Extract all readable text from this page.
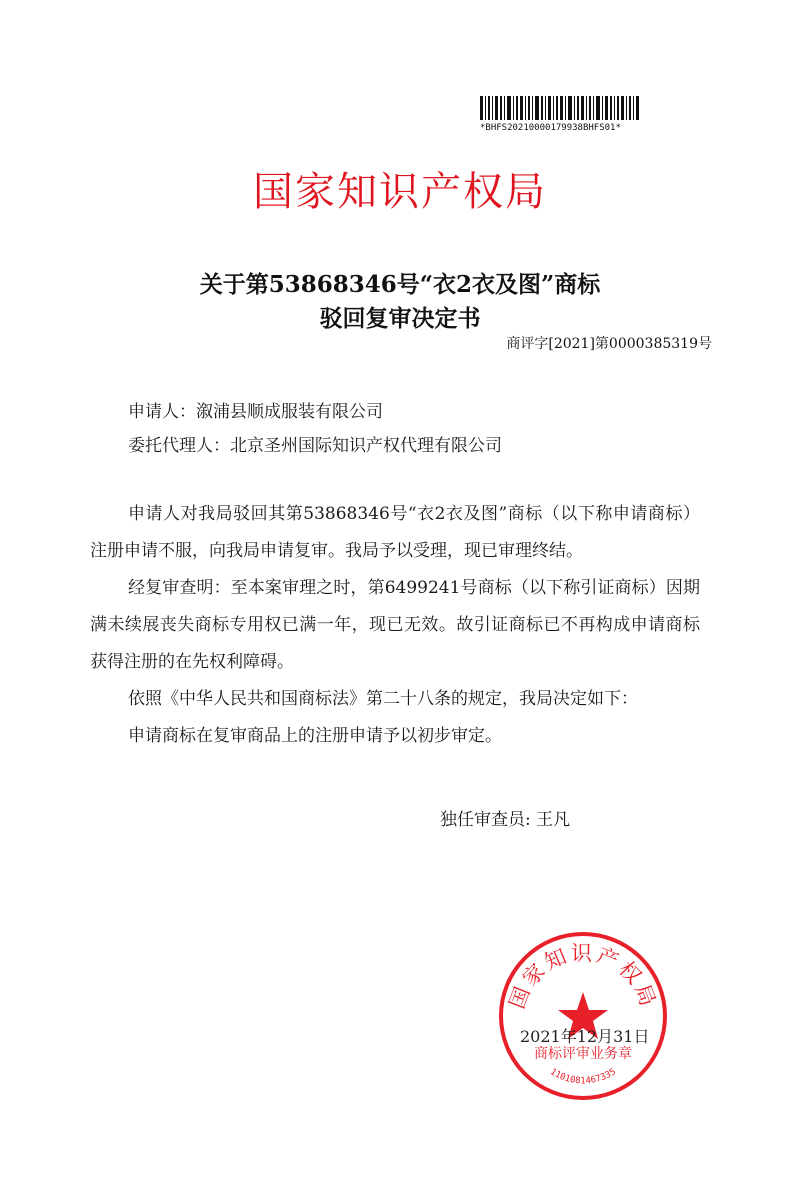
*BHFS20210000179938BHFS01*
国家知识产权局
关于第53868346号“衣2衣及图”商标
驳回复审决定书
商评字[2021]第0000385319号
申请人：溆浦县顺成服装有限公司
委托代理人：北京圣州国际知识产权代理有限公司
申请人对我局驳回其第53868346号“衣2衣及图”商标（以下称申请商标）注册申请不服，向我局申请复审。我局予以受理，现已审理终结。
经复审查明：至本案审理之时，第6499241号商标（以下称引证商标）因期满未续展丧失商标专用权已满一年，现已无效。故引证商标已不再构成申请商标获得注册的在先权利障碍。
依照《中华人民共和国商标法》第二十八条的规定，我局决定如下：
申请商标在复审商品上的注册申请予以初步审定。
独任审查员: 王凡
国家知识产权局
商标评审业务章
1101081467335
2021年12月31日
